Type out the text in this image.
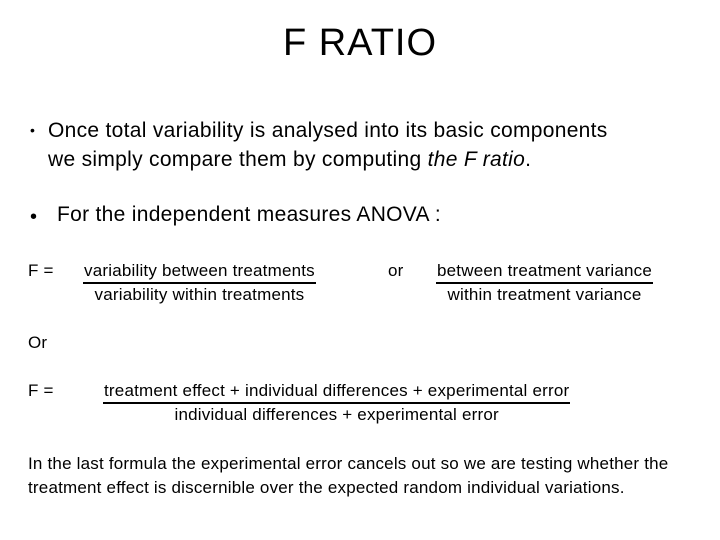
F RATIO
• Once total variability is analysed into its basic components
we simply compare them by computing the F ratio.
• For the independent measures ANOVA :
F = variability between treatments
variability within treatments
or between treatment variance
within treatment variance
Or
F =	treatment effect + individual differences + experimental error
individual differences + experimental error
In the last formula the experimental error cancels out so we are testing whether the treatment effect is discernible over the expected random individual variations.
